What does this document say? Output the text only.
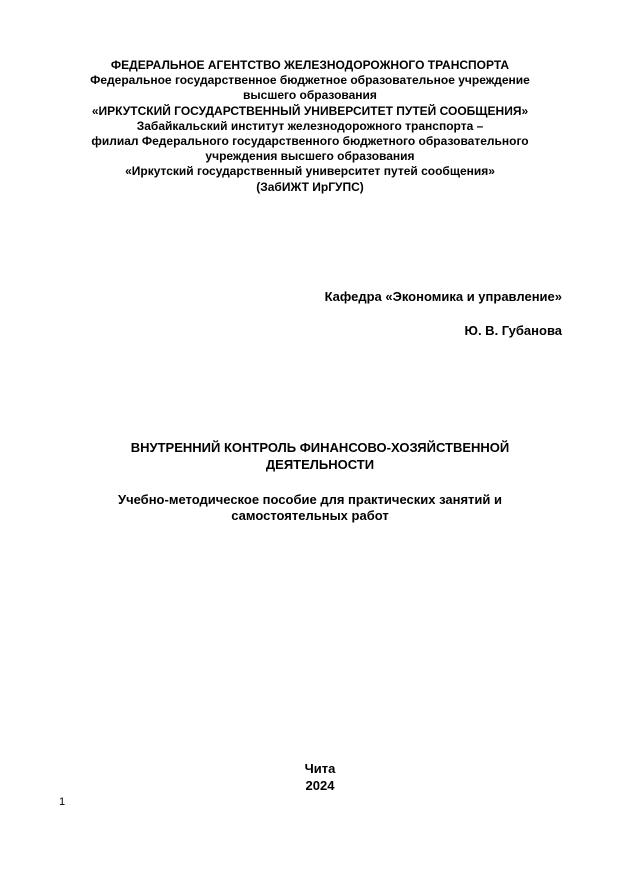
ФЕДЕРАЛЬНОЕ АГЕНТСТВО ЖЕЛЕЗНОДОРОЖНОГО ТРАНСПОРТА
Федеральное государственное бюджетное образовательное учреждение
высшего образования
«ИРКУТСКИЙ ГОСУДАРСТВЕННЫЙ УНИВЕРСИТЕТ ПУТЕЙ СООБЩЕНИЯ»
Забайкальский институт железнодорожного транспорта –
филиал Федерального государственного бюджетного образовательного
учреждения высшего образования
«Иркутский государственный университет путей сообщения»
(ЗабИЖТ ИрГУПС)
Кафедра «Экономика и управление»
Ю. В. Губанова
ВНУТРЕННИЙ КОНТРОЛЬ ФИНАНСОВО-ХОЗЯЙСТВЕННОЙ
ДЕЯТЕЛЬНОСТИ
Учебно-методическое пособие для практических занятий и
самостоятельных работ
Чита
2024
1
